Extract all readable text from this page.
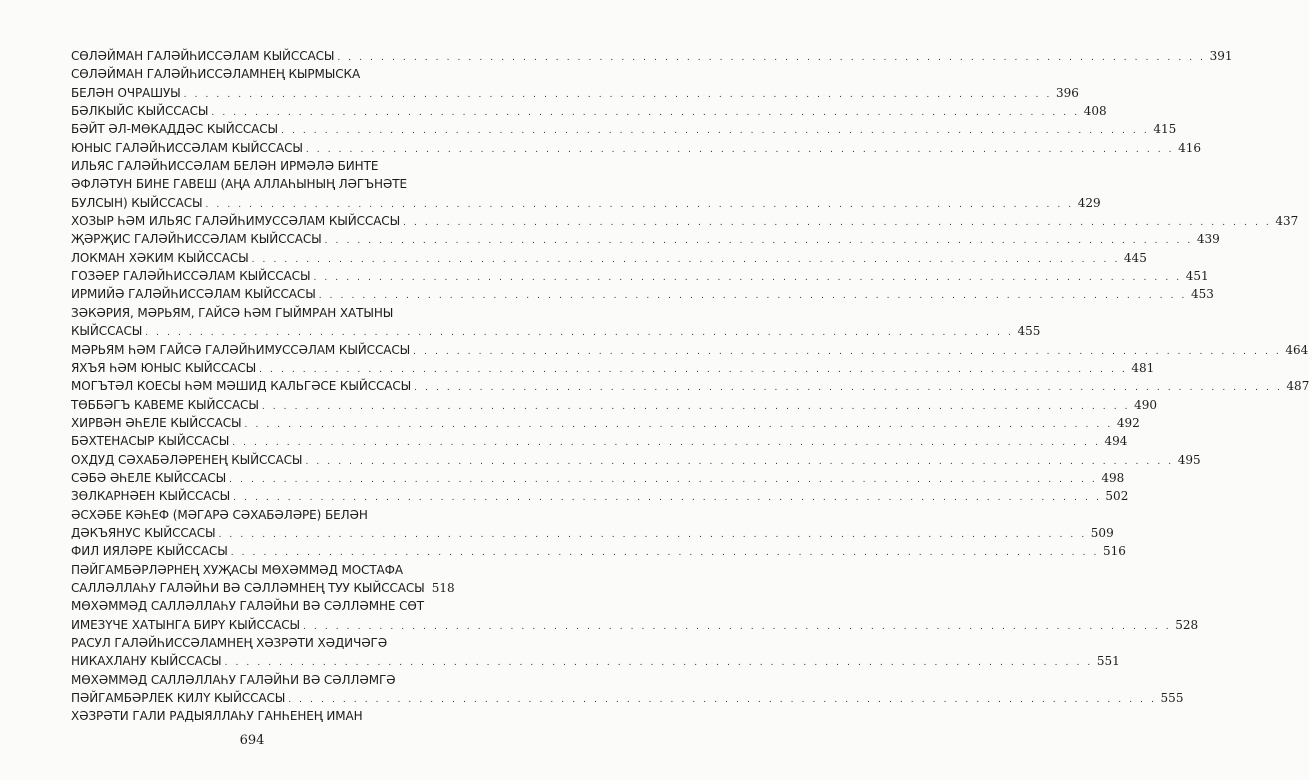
СӨЛӘЙМАН ГАЛӘЙҺИССӘЛАМ КЫЙССАСЫ . . . . . . . . . . . . . . . . . . . . . . . . . . . . . . . . . . . . . . . . . . . . . . . . . . . . . . . . . . . . . . . . . . . . . . . . . . . . . . . . 391
СӨЛӘЙМАН ГАЛӘЙҺИССӘЛАМНЕҢ КЫРМЫСКА
БЕЛӘН ОЧРАШУЫ . . . . . . . . . . . . . . . . . . . . . . . . . . . . . . . . . . . . . . . . . . . . . . . . . . . . . . . . . . . . . . . . . . . . . . . . . . . . . . . . 396
БӘЛКЫЙС КЫЙССАСЫ . . . . . . . . . . . . . . . . . . . . . . . . . . . . . . . . . . . . . . . . . . . . . . . . . . . . . . . . . . . . . . . . . . . . . . . . . . . . . . . . 408
БӘЙТ ӘЛ-МӨКАДДӘС КЫЙССАСЫ . . . . . . . . . . . . . . . . . . . . . . . . . . . . . . . . . . . . . . . . . . . . . . . . . . . . . . . . . . . . . . . . . . . . . . . . . . . . . . . . 415
ЮНЫС ГАЛӘЙҺИССӘЛАМ КЫЙССАСЫ . . . . . . . . . . . . . . . . . . . . . . . . . . . . . . . . . . . . . . . . . . . . . . . . . . . . . . . . . . . . . . . . . . . . . . . . . . . . . . . . 416
ИЛЬЯС ГАЛӘЙҺИССӘЛАМ БЕЛӘН ИРМӘЛӘ БИНТЕ
ӘФЛӘТУН БИНЕ ГАВЕШ (АҢА АЛЛАҺЫНЫҢ ЛӘГЪНӘТЕ
БУЛСЫН) КЫЙССАСЫ . . . . . . . . . . . . . . . . . . . . . . . . . . . . . . . . . . . . . . . . . . . . . . . . . . . . . . . . . . . . . . . . . . . . . . . . . . . . . . . . 429
ХОЗЫР ҺӘМ ИЛЬЯС ГАЛӘЙҺИМУССӘЛАМ КЫЙССАСЫ . . . . . . . . . . . . . . . . . . . . . . . . . . . . . . . . . . . . . . . . . . . . . . . . . . . . . . . . . . . . . . . . . . . . . . . . . . . . . . . . 437
ҖӘРҖИС ГАЛӘЙҺИССӘЛАМ КЫЙССАСЫ . . . . . . . . . . . . . . . . . . . . . . . . . . . . . . . . . . . . . . . . . . . . . . . . . . . . . . . . . . . . . . . . . . . . . . . . . . . . . . . . 439
ЛОКМАН ХӘКИМ КЫЙССАСЫ . . . . . . . . . . . . . . . . . . . . . . . . . . . . . . . . . . . . . . . . . . . . . . . . . . . . . . . . . . . . . . . . . . . . . . . . . . . . . . . . 445
ГОЗӘЕР ГАЛӘЙҺИССӘЛАМ КЫЙССАСЫ . . . . . . . . . . . . . . . . . . . . . . . . . . . . . . . . . . . . . . . . . . . . . . . . . . . . . . . . . . . . . . . . . . . . . . . . . . . . . . . . 451
ИРМИЙӘ ГАЛӘЙҺИССӘЛАМ КЫЙССАСЫ . . . . . . . . . . . . . . . . . . . . . . . . . . . . . . . . . . . . . . . . . . . . . . . . . . . . . . . . . . . . . . . . . . . . . . . . . . . . . . . . 453
ЗӘКӘРИЯ, МӘРЬЯМ, ГАЙСӘ ҺӘМ ГЫЙМРАН ХАТЫНЫ
КЫЙССАСЫ . . . . . . . . . . . . . . . . . . . . . . . . . . . . . . . . . . . . . . . . . . . . . . . . . . . . . . . . . . . . . . . . . . . . . . . . . . . . . . . . 455
МӘРЬЯМ ҺӘМ ГАЙСӘ ГАЛӘЙҺИМУССӘЛАМ КЫЙССАСЫ . . . . . . . . . . . . . . . . . . . . . . . . . . . . . . . . . . . . . . . . . . . . . . . . . . . . . . . . . . . . . . . . . . . . . . . . . . . . . . . . 464
ЯХЪЯ ҺӘМ ЮНЫС КЫЙССАСЫ . . . . . . . . . . . . . . . . . . . . . . . . . . . . . . . . . . . . . . . . . . . . . . . . . . . . . . . . . . . . . . . . . . . . . . . . . . . . . . . . 481
МОГЪТӘЛ КОЕСЫ ҺӘМ МӘШИД КАЛЬГӘСЕ КЫЙССАСЫ . . . . . . . . . . . . . . . . . . . . . . . . . . . . . . . . . . . . . . . . . . . . . . . . . . . . . . . . . . . . . . . . . . . . . . . . . . . . . . . . 487
ТӨББӘГЪ КАВЕМЕ КЫЙССАСЫ . . . . . . . . . . . . . . . . . . . . . . . . . . . . . . . . . . . . . . . . . . . . . . . . . . . . . . . . . . . . . . . . . . . . . . . . . . . . . . . . 490
ХИРВӘН ӘҺЕЛЕ КЫЙССАСЫ . . . . . . . . . . . . . . . . . . . . . . . . . . . . . . . . . . . . . . . . . . . . . . . . . . . . . . . . . . . . . . . . . . . . . . . . . . . . . . . . 492
БӘХТЕНАСЫР КЫЙССАСЫ . . . . . . . . . . . . . . . . . . . . . . . . . . . . . . . . . . . . . . . . . . . . . . . . . . . . . . . . . . . . . . . . . . . . . . . . . . . . . . . . 494
ОХДУД СӘХАБӘЛӘРЕНЕҢ КЫЙССАСЫ . . . . . . . . . . . . . . . . . . . . . . . . . . . . . . . . . . . . . . . . . . . . . . . . . . . . . . . . . . . . . . . . . . . . . . . . . . . . . . . . 495
СӘБӘ ӘҺЕЛЕ КЫЙССАСЫ . . . . . . . . . . . . . . . . . . . . . . . . . . . . . . . . . . . . . . . . . . . . . . . . . . . . . . . . . . . . . . . . . . . . . . . . . . . . . . . . 498
ЗӨЛКАРНӘЕН КЫЙССАСЫ . . . . . . . . . . . . . . . . . . . . . . . . . . . . . . . . . . . . . . . . . . . . . . . . . . . . . . . . . . . . . . . . . . . . . . . . . . . . . . . . 502
ӘСХӘБЕ КӘҺЕФ (МӘГАРӘ СӘХАБӘЛӘРЕ) БЕЛӘН
ДӘКЪЯНУС КЫЙССАСЫ . . . . . . . . . . . . . . . . . . . . . . . . . . . . . . . . . . . . . . . . . . . . . . . . . . . . . . . . . . . . . . . . . . . . . . . . . . . . . . . . 509
ФИЛ ИЯЛӘРЕ КЫЙССАСЫ . . . . . . . . . . . . . . . . . . . . . . . . . . . . . . . . . . . . . . . . . . . . . . . . . . . . . . . . . . . . . . . . . . . . . . . . . . . . . . . . 516
ПӘЙГАМБӘРЛӘРНЕҢ ХУҖАСЫ МӨХӘММӘД МОСТАФА
САЛЛӘЛЛАҺУ ГАЛӘЙҺИ ВӘ СӘЛЛӘМНЕҢ ТУУ КЫЙССАСЫ 518
МӨХӘММӘД САЛЛӘЛЛАҺУ ГАЛӘЙҺИ ВӘ СӘЛЛӘМНЕ СӨТ
ИМЕЗҮЧЕ ХАТЫНГА БИРҮ КЫЙССАСЫ . . . . . . . . . . . . . . . . . . . . . . . . . . . . . . . . . . . . . . . . . . . . . . . . . . . . . . . . . . . . . . . . . . . . . . . . . . . . . . . . 528
РАСУЛ ГАЛӘЙҺИССӘЛАМНЕҢ ХӘЗРӘТИ ХӘДИЧӘГӘ
НИКАХЛАНУ КЫЙССАСЫ . . . . . . . . . . . . . . . . . . . . . . . . . . . . . . . . . . . . . . . . . . . . . . . . . . . . . . . . . . . . . . . . . . . . . . . . . . . . . . . . 551
МӨХӘММӘД САЛЛӘЛЛАҺУ ГАЛӘЙҺИ ВӘ СӘЛЛӘМГӘ
ПӘЙГАМБӘРЛЕК КИЛҮ КЫЙССАСЫ . . . . . . . . . . . . . . . . . . . . . . . . . . . . . . . . . . . . . . . . . . . . . . . . . . . . . . . . . . . . . . . . . . . . . . . . . . . . . . . . 555
ХӘЗРӘТИ ГАЛИ РАДЫЯЛЛАҺУ ГАНҺЕНЕҢ ИМАН
694
